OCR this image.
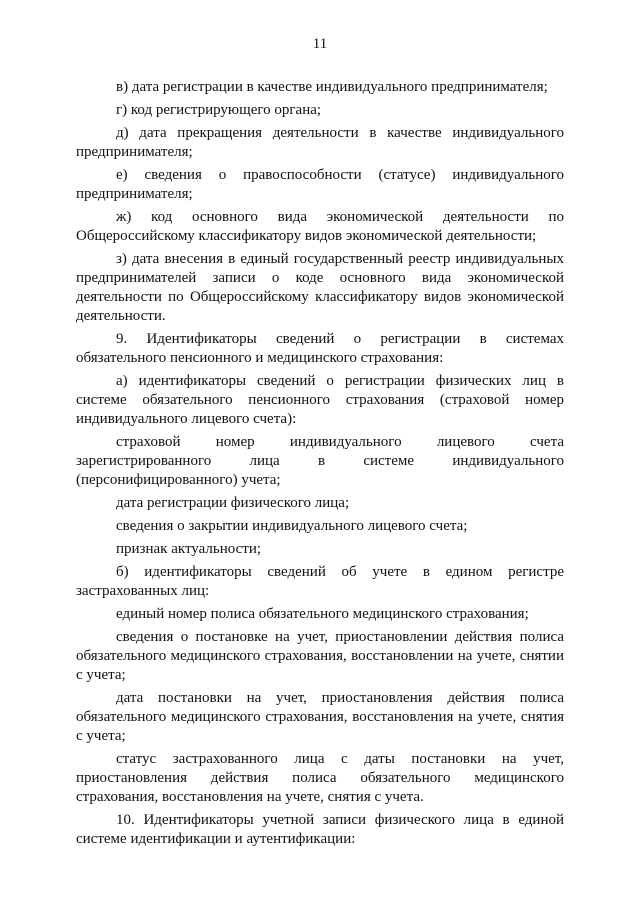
11

в) дата регистрации в качестве индивидуального предпринимателя;

г) код регистрирующего органа;

д) дата прекращения деятельности в качестве индивидуального предпринимателя;

е) сведения о правоспособности (статусе) индивидуального предпринимателя;

ж) код основного вида экономической деятельности по Общероссийскому классификатору видов экономической деятельности;

з) дата внесения в единый государственный реестр индивидуальных предпринимателей записи о коде основного вида экономической деятельности по Общероссийскому классификатору видов экономической деятельности.

9. Идентификаторы сведений о регистрации в системах обязательного пенсионного и медицинского страхования:

а) идентификаторы сведений о регистрации физических лиц в системе обязательного пенсионного страхования (страховой номер индивидуального лицевого счета):

страховой номер индивидуального лицевого счета зарегистрированного лица в системе индивидуального (персонифицированного) учета;

дата регистрации физического лица;

сведения о закрытии индивидуального лицевого счета;

признак актуальности;

б) идентификаторы сведений об учете в едином регистре застрахованных лиц:

единый номер полиса обязательного медицинского страхования;

сведения о постановке на учет, приостановлении действия полиса обязательного медицинского страхования, восстановлении на учете, снятии с учета;

дата постановки на учет, приостановления действия полиса обязательного медицинского страхования, восстановления на учете, снятия с учета;

статус застрахованного лица с даты постановки на учет, приостановления действия полиса обязательного медицинского страхования, восстановления на учете, снятия с учета.

10. Идентификаторы учетной записи физического лица в единой системе идентификации и аутентификации:
